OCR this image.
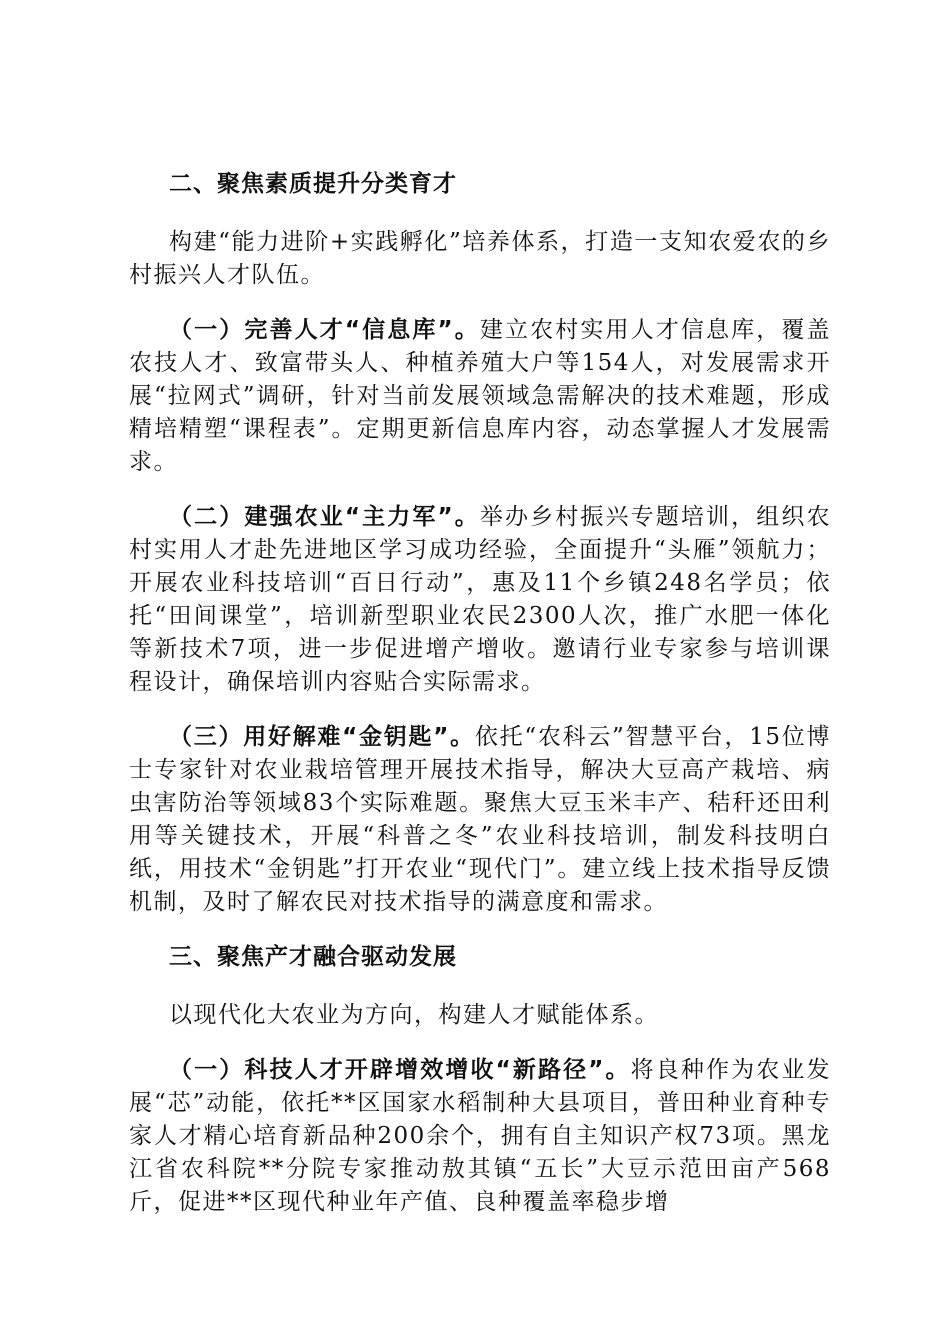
二、聚焦素质提升分类育才

构建“能力进阶+实践孵化”培养体系，打造一支知农爱农的乡村振兴人才队伍。

（一）完善人才“信息库”。建立农村实用人才信息库，覆盖农技人才、致富带头人、种植养殖大户等154人，对发展需求开展“拉网式”调研，针对当前发展领域急需解决的技术难题，形成精培精塑“课程表”。定期更新信息库内容，动态掌握人才发展需求。

（二）建强农业“主力军”。举办乡村振兴专题培训，组织农村实用人才赴先进地区学习成功经验，全面提升“头雁”领航力；开展农业科技培训“百日行动”，惠及11个乡镇248名学员；依托“田间课堂”，培训新型职业农民2300人次，推广水肥一体化等新技术7项，进一步促进增产增收。邀请行业专家参与培训课程设计，确保培训内容贴合实际需求。

（三）用好解难“金钥匙”。依托“农科云”智慧平台，15位博士专家针对农业栽培管理开展技术指导，解决大豆高产栽培、病虫害防治等领域83个实际难题。聚焦大豆玉米丰产、秸秆还田利用等关键技术，开展“科普之冬”农业科技培训，制发科技明白纸，用技术“金钥匙”打开农业“现代门”。建立线上技术指导反馈机制，及时了解农民对技术指导的满意度和需求。

三、聚焦产才融合驱动发展

以现代化大农业为方向，构建人才赋能体系。

（一）科技人才开辟增效增收“新路径”。将良种作为农业发展“芯”动能，依托**区国家水稻制种大县项目，普田种业育种专家人才精心培育新品种200余个，拥有自主知识产权73项。黑龙江省农科院**分院专家推动敖其镇“五长”大豆示范田亩产568斤，促进**区现代种业年产值、良种覆盖率稳步增
